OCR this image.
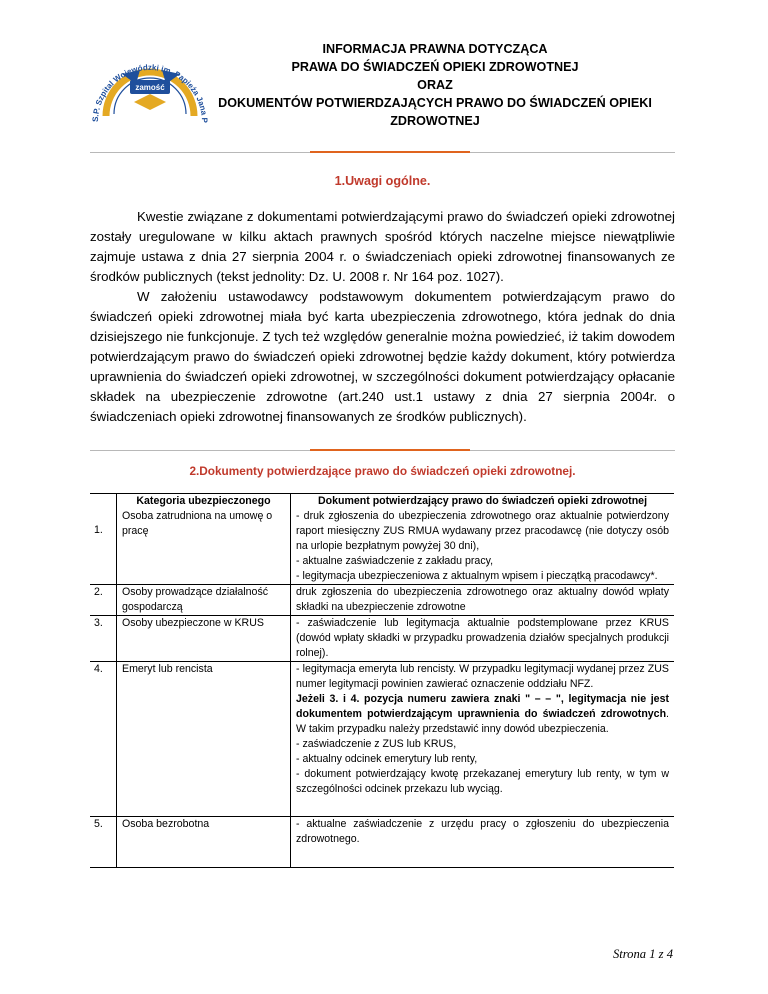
zamość
S.P. Szpital Wojewódzki im. Papieża Jana P
INFORMACJA PRAWNA DOTYCZĄCA
PRAWA DO ŚWIADCZEŃ OPIEKI ZDROWOTNEJ
ORAZ
DOKUMENTÓW POTWIERDZAJĄCYCH PRAWO DO ŚWIADCZEŃ OPIEKI
ZDROWOTNEJ
1.Uwagi ogólne.
Kwestie związane z dokumentami potwierdzającymi prawo do świadczeń opieki zdrowotnej zostały uregulowane w kilku aktach prawnych spośród których naczelne miejsce niewątpliwie zajmuje ustawa z dnia 27 sierpnia 2004 r. o świadczeniach opieki zdrowotnej finansowanych ze środków publicznych (tekst jednolity: Dz. U. 2008 r. Nr 164 poz. 1027).
W założeniu ustawodawcy podstawowym dokumentem potwierdzającym prawo do świadczeń opieki zdrowotnej miała być karta ubezpieczenia zdrowotnego, która jednak do dnia dzisiejszego nie funkcjonuje. Z tych też względów generalnie można powiedzieć, iż takim dowodem potwierdzającym prawo do świadczeń opieki zdrowotnej będzie każdy dokument, który potwierdza uprawnienia do świadczeń opieki zdrowotnej, w szczególności dokument potwierdzający opłacanie składek na ubezpieczenie zdrowotne (art.240 ust.1 ustawy z dnia 27 sierpnia 2004r. o świadczeniach opieki zdrowotnej finansowanych ze środków publicznych).
2.Dokumenty potwierdzające prawo do świadczeń opieki zdrowotnej.
	Kategoria ubezpieczonego	Dokument potwierdzający prawo do świadczeń opieki zdrowotnej
1.	Osoba zatrudniona na umowę o pracę	- druk zgłoszenia do ubezpieczenia zdrowotnego oraz aktualnie potwierdzony raport miesięczny ZUS RMUA wydawany przez pracodawcę (nie dotyczy osób na urlopie bezpłatnym powyżej 30 dni),
- aktualne zaświadczenie z zakładu pracy,
- legitymacja ubezpieczeniowa z aktualnym wpisem i pieczątką pracodawcy*.

2.	Osoby prowadzące działalność gospodarczą	druk zgłoszenia do ubezpieczenia zdrowotnego oraz aktualny dowód wpłaty składki na ubezpieczenie zdrowotne

3.	Osoby ubezpieczone w KRUS	- zaświadczenie lub legitymacja aktualnie podstemplowane przez KRUS (dowód wpłaty składki w przypadku prowadzenia działów specjalnych produkcji rolnej).

4.	Emeryt lub rencista	- legitymacja emeryta lub rencisty. W przypadku legitymacji wydanej przez ZUS numer legitymacji powinien zawierać oznaczenie oddziału NFZ.
Jeżeli 3. i 4. pozycja numeru zawiera znaki " – – ", legitymacja nie jest dokumentem potwierdzającym uprawnienia do świadczeń zdrowotnych. W takim przypadku należy przedstawić inny dowód ubezpieczenia.
- zaświadczenie z ZUS lub KRUS,
- aktualny odcinek emerytury lub renty,
- dokument potwierdzający kwotę przekazanej emerytury lub renty, w tym w szczególności odcinek przekazu lub wyciąg.

5.	Osoba bezrobotna	- aktualne zaświadczenie z urzędu pracy o zgłoszeniu do ubezpieczenia zdrowotnego.
Strona 1 z 4
